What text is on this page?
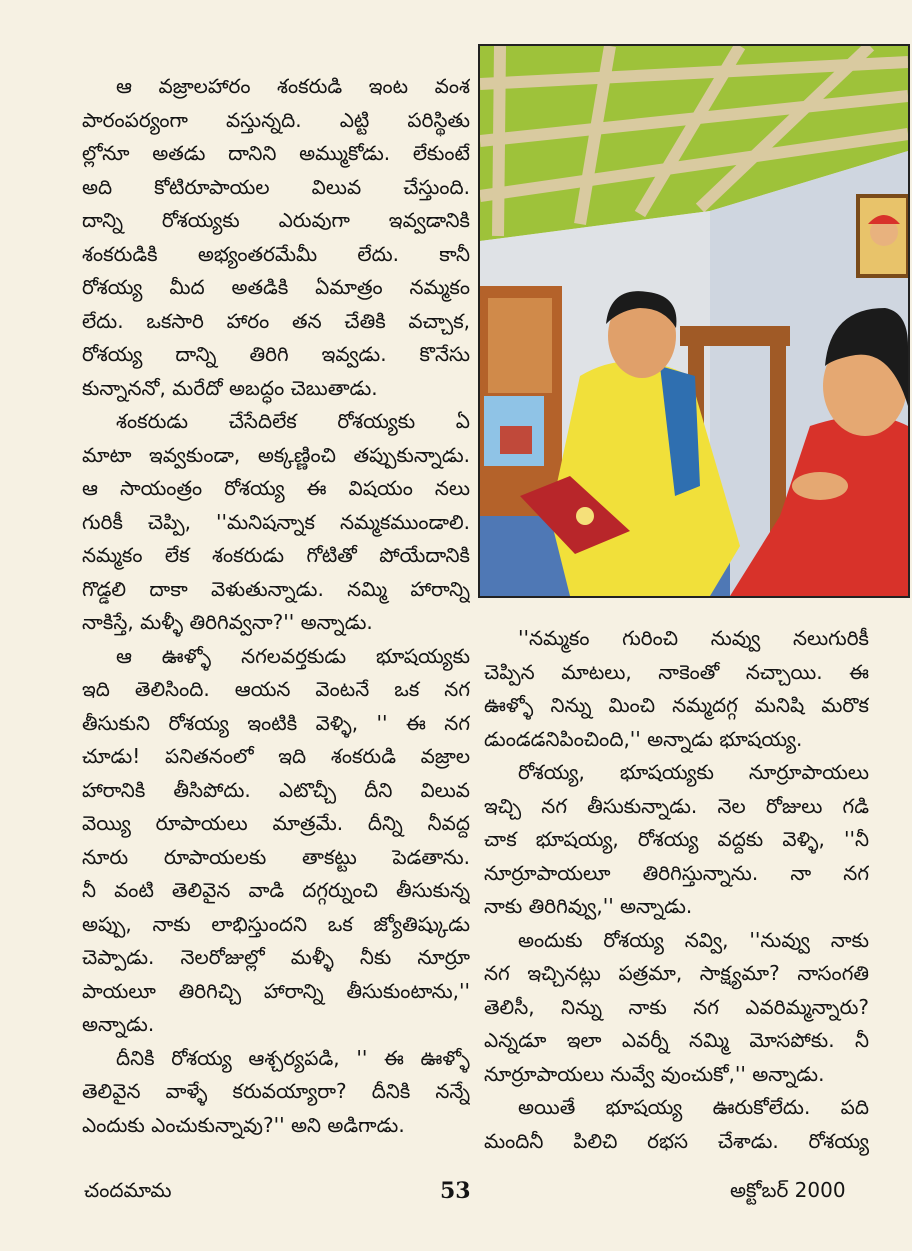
ఆ వజ్రాలహారం శంకరుడి ఇంట వంశ
పారంపర్యంగా వస్తున్నది. ఎట్టి పరిస్థితు
ల్లోనూ అతడు దానిని అమ్ముకోడు. లేకుంటే
అది కోటిరూపాయల విలువ చేస్తుంది.
దాన్ని రోశయ్యకు ఎరువుగా ఇవ్వడానికి
శంకరుడికి అభ్యంతరమేమీ లేదు. కానీ
రోశయ్య మీద అతడికి ఏమాత్రం నమ్మకం
లేదు. ఒకసారి హారం తన చేతికి వచ్చాక,
రోశయ్య దాన్ని తిరిగి ఇవ్వడు. కొనేసు
కున్నాననో, మరేదో అబద్ధం చెబుతాడు.
శంకరుడు చేసేదిలేక రోశయ్యకు ఏ
మాటా ఇవ్వకుండా, అక్కణ్ణించి తప్పుకున్నాడు.
ఆ సాయంత్రం రోశయ్య ఈ విషయం నలు
గురికీ చెప్పి, ''మనిషన్నాక నమ్మకముండాలి.
నమ్మకం లేక శంకరుడు గోటితో పోయేదానికి
గొడ్డలి దాకా వెళుతున్నాడు. నమ్మి హారాన్ని
నాకిస్తే, మళ్ళీ తిరిగివ్వనా?'' అన్నాడు.
ఆ ఊళ్ళో నగలవర్తకుడు భూషయ్యకు
ఇది తెలిసింది. ఆయన వెంటనే ఒక నగ
తీసుకుని రోశయ్య ఇంటికి వెళ్ళి, '' ఈ నగ
చూడు! పనితనంలో ఇది శంకరుడి వజ్రాల
హారానికి తీసిపోదు. ఎటొచ్చీ దీని విలువ
వెయ్యి రూపాయలు మాత్రమే. దీన్ని నీవద్ద
నూరు రూపాయలకు తాకట్టు పెడతాను.
నీ వంటి తెలివైన వాడి దగ్గర్నుంచి తీసుకున్న
అప్పు, నాకు లాభిస్తుందని ఒక జ్యోతిష్కుడు
చెప్పాడు. నెలరోజుల్లో మళ్ళీ నీకు నూర్రూ
పాయలూ తిరిగిచ్చి హారాన్ని తీసుకుంటాను,''
అన్నాడు.
దీనికి రోశయ్య ఆశ్చర్యపడి, '' ఈ ఊళ్ళో
తెలివైన వాళ్ళే కరువయ్యారా? దీనికి నన్నే
ఎందుకు ఎంచుకున్నావు?'' అని అడిగాడు.
''నమ్మకం గురించి నువ్వు నలుగురికీ
చెప్పిన మాటలు, నాకెంతో నచ్చాయి. ఈ
ఊళ్ళో నిన్ను మించి నమ్మదగ్గ మనిషి మరొక
డుండడనిపించింది,'' అన్నాడు భూషయ్య.
రోశయ్య, భూషయ్యకు నూర్రూపాయలు
ఇచ్చి నగ తీసుకున్నాడు. నెల రోజులు గడి
చాక భూషయ్య, రోశయ్య వద్దకు వెళ్ళి, ''నీ
నూర్రూపాయలూ తిరిగిస్తున్నాను. నా నగ
నాకు తిరిగివ్వు,'' అన్నాడు.
అందుకు రోశయ్య నవ్వి, ''నువ్వు నాకు
నగ ఇచ్చినట్లు పత్రమా, సాక్ష్యమా? నాసంగతి
తెలిసీ, నిన్ను నాకు నగ ఎవరిమ్మన్నారు?
ఎన్నడూ ఇలా ఎవర్నీ నమ్మి మోసపోకు. నీ
నూర్రూపాయలు నువ్వే వుంచుకో,'' అన్నాడు.
అయితే భూషయ్య ఊరుకోలేదు. పది
మందినీ పిలిచి రభస చేశాడు. రోశయ్య
చందమామ	53	అక్టోబర్ 2000
